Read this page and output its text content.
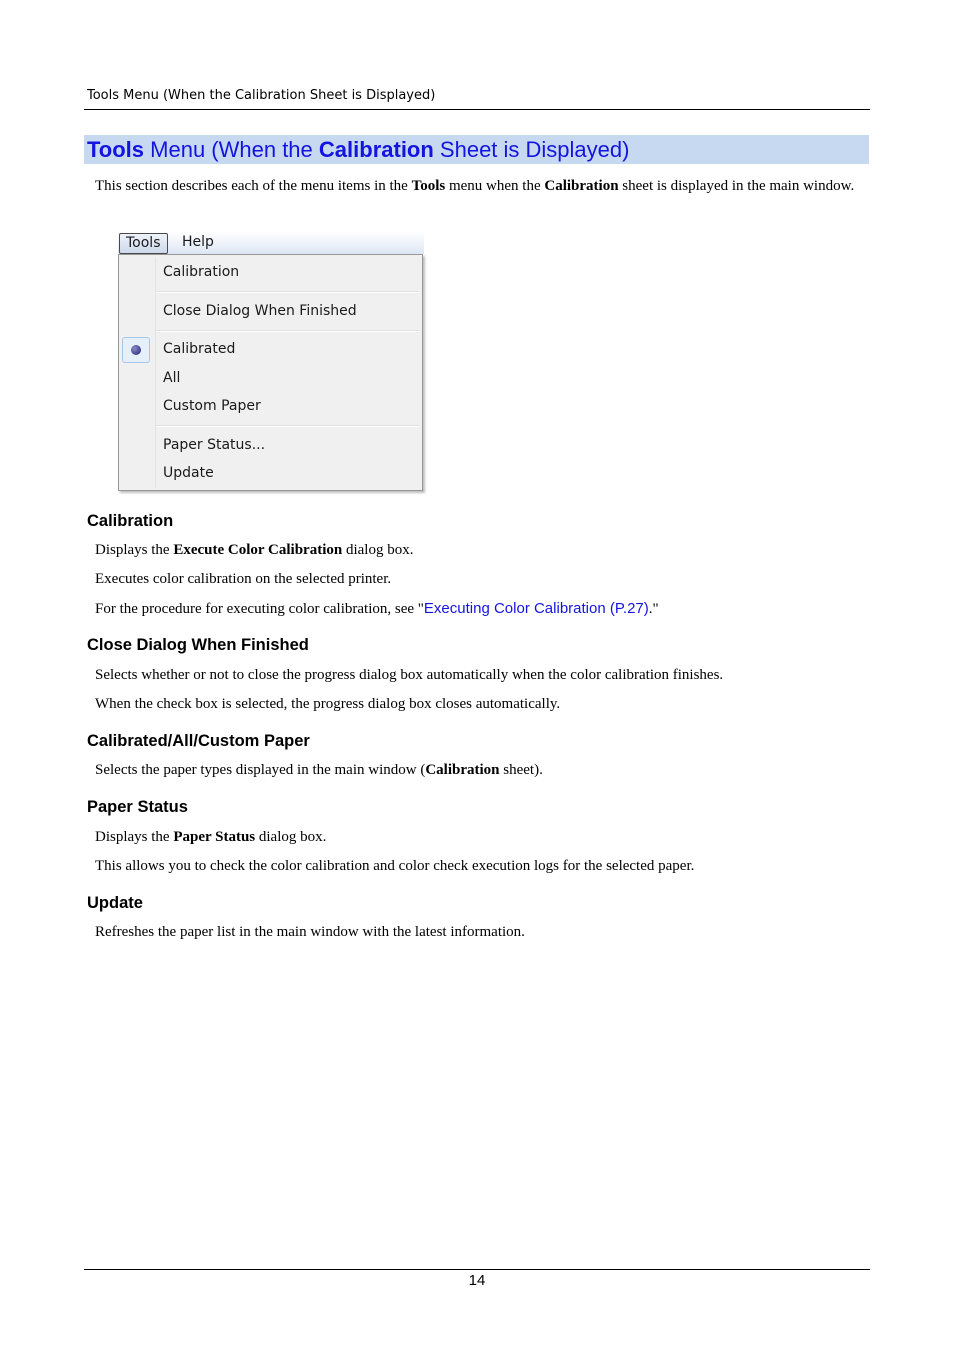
Tools Menu (When the Calibration Sheet is Displayed)
Tools Menu (When the Calibration Sheet is Displayed)

This section describes each of the menu items in the Tools menu when the Calibration sheet is displayed in the main window.

Tools	Help
Calibration
Close Dialog When Finished
Calibrated
All
Custom Paper
Paper Status...
Update
Calibration

Displays the Execute Color Calibration dialog box.

Executes color calibration on the selected printer.

For the procedure for executing color calibration, see "Executing Color Calibration (P.27)."

Close Dialog When Finished

Selects whether or not to close the progress dialog box automatically when the color calibration finishes.

When the check box is selected, the progress dialog box closes automatically.

Calibrated/All/Custom Paper

Selects the paper types displayed in the main window (Calibration sheet).

Paper Status

Displays the Paper Status dialog box.

This allows you to check the color calibration and color check execution logs for the selected paper.

Update

Refreshes the paper list in the main window with the latest information.

14
